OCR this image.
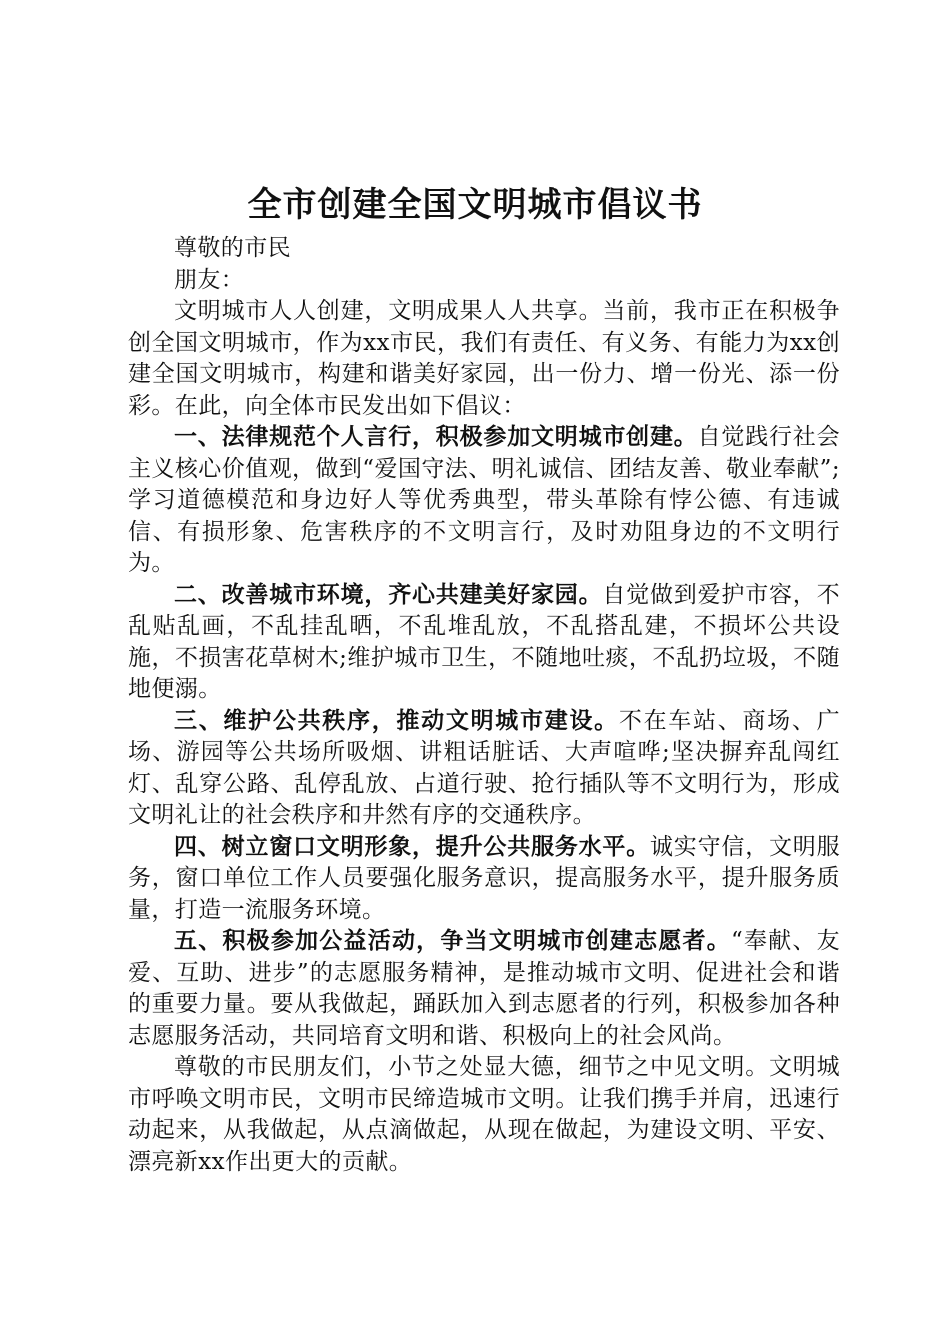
全市创建全国文明城市倡议书

尊敬的市民

朋友：

文明城市人人创建，文明成果人人共享。当前，我市正在积极争创全国文明城市，作为xx市民，我们有责任、有义务、有能力为xx创建全国文明城市，构建和谐美好家园，出一份力、增一份光、添一份彩。在此，向全体市民发出如下倡议：

一、法律规范个人言行，积极参加文明城市创建。自觉践行社会主义核心价值观，做到“爱国守法、明礼诚信、团结友善、敬业奉献”;学习道德模范和身边好人等优秀典型，带头革除有悖公德、有违诚信、有损形象、危害秩序的不文明言行，及时劝阻身边的不文明行为。

二、改善城市环境，齐心共建美好家园。自觉做到爱护市容，不乱贴乱画，不乱挂乱晒，不乱堆乱放，不乱搭乱建，不损坏公共设施，不损害花草树木;维护城市卫生，不随地吐痰，不乱扔垃圾，不随地便溺。

三、维护公共秩序，推动文明城市建设。不在车站、商场、广场、游园等公共场所吸烟、讲粗话脏话、大声喧哗;坚决摒弃乱闯红灯、乱穿公路、乱停乱放、占道行驶、抢行插队等不文明行为，形成文明礼让的社会秩序和井然有序的交通秩序。

四、树立窗口文明形象，提升公共服务水平。诚实守信，文明服务，窗口单位工作人员要强化服务意识，提高服务水平，提升服务质量，打造一流服务环境。

五、积极参加公益活动，争当文明城市创建志愿者。“奉献、友爱、互助、进步”的志愿服务精神，是推动城市文明、促进社会和谐的重要力量。要从我做起，踊跃加入到志愿者的行列，积极参加各种志愿服务活动，共同培育文明和谐、积极向上的社会风尚。

尊敬的市民朋友们，小节之处显大德，细节之中见文明。文明城市呼唤文明市民，文明市民缔造城市文明。让我们携手并肩，迅速行动起来，从我做起，从点滴做起，从现在做起，为建设文明、平安、漂亮新xx作出更大的贡献。
